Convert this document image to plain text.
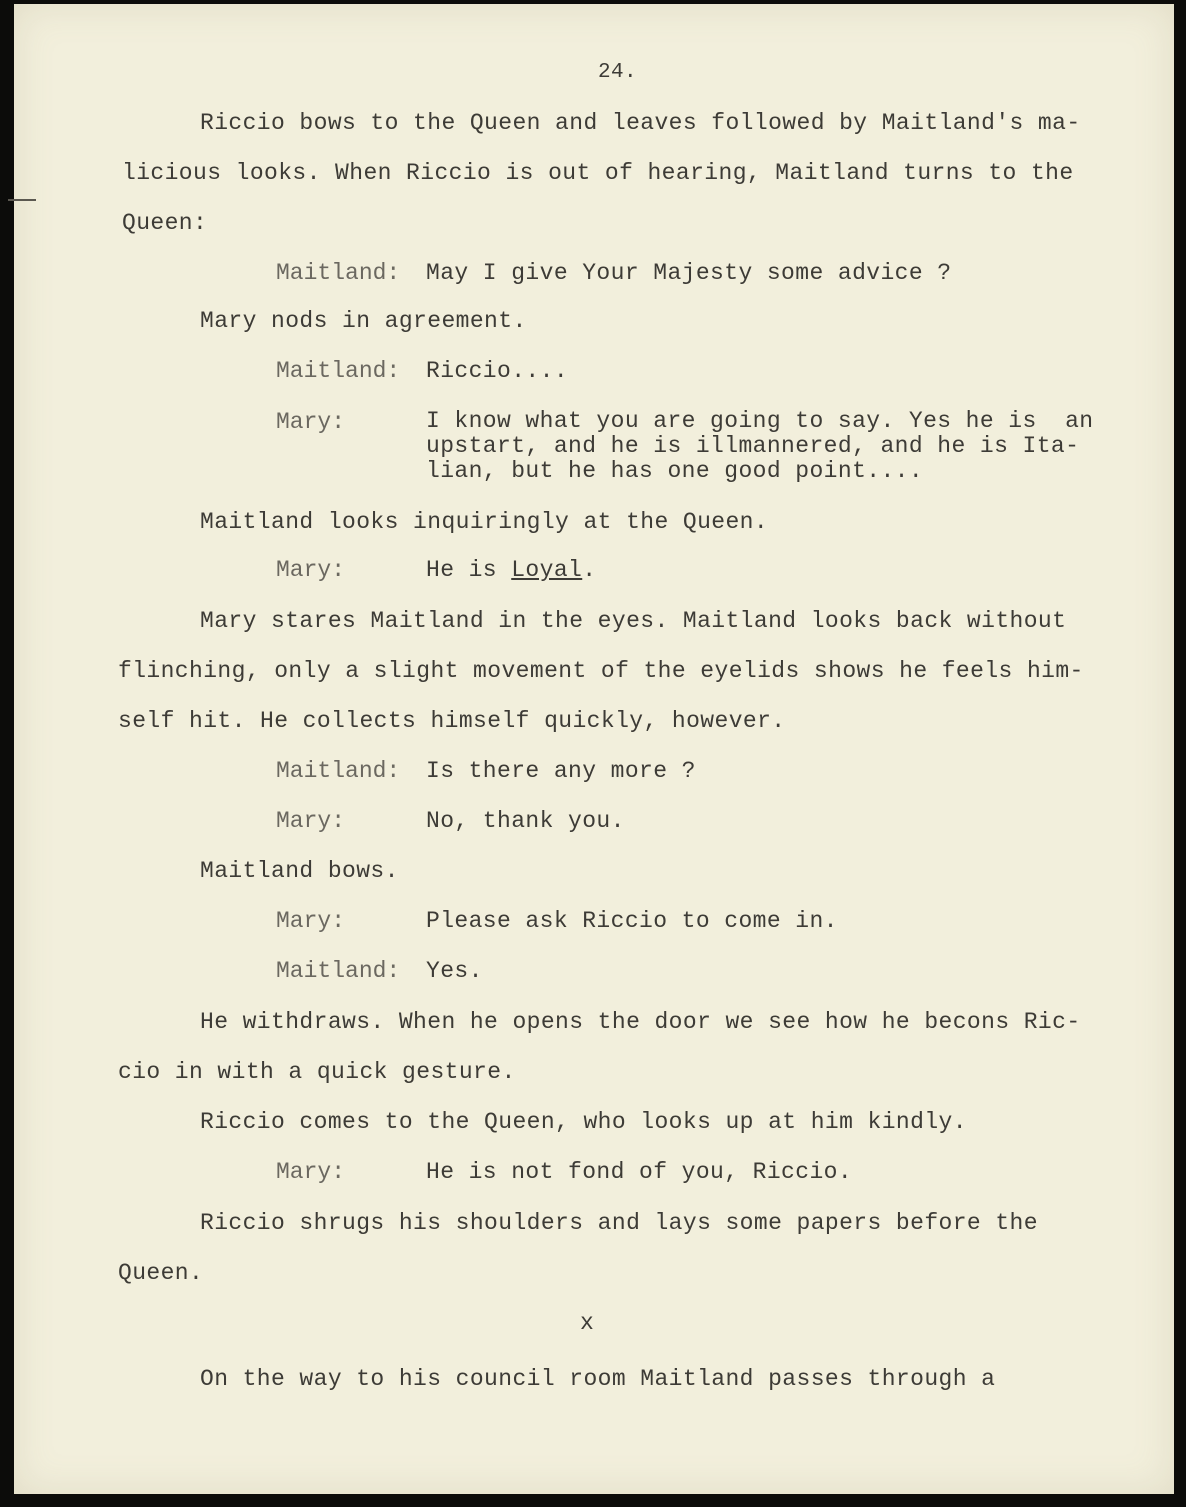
24.
Riccio bows to the Queen and leaves followed by Maitland's ma-
licious looks. When Riccio is out of hearing, Maitland turns to the
Queen:
Maitland: May I give Your Majesty some advice ?
Mary nods in agreement.
Maitland: Riccio....
Mary:	I know what you are going to say. Yes he is  an
upstart, and he is illmannered, and he is Ita-
lian, but he has one good point....
Maitland looks inquiringly at the Queen.
Mary:	He is Loyal.
Mary stares Maitland in the eyes. Maitland looks back without
flinching, only a slight movement of the eyelids shows he feels him-
self hit. He collects himself quickly, however.
Maitland: Is there any more ?
Mary:	No, thank you.
Maitland bows.
Mary:	Please ask Riccio to come in.
Maitland: Yes.
He withdraws. When he opens the door we see how he becons Ric-
cio in with a quick gesture.
Riccio comes to the Queen, who looks up at him kindly.
Mary:	He is not fond of you, Riccio.
Riccio shrugs his shoulders and lays some papers before the
Queen.
x
On the way to his council room Maitland passes through a
